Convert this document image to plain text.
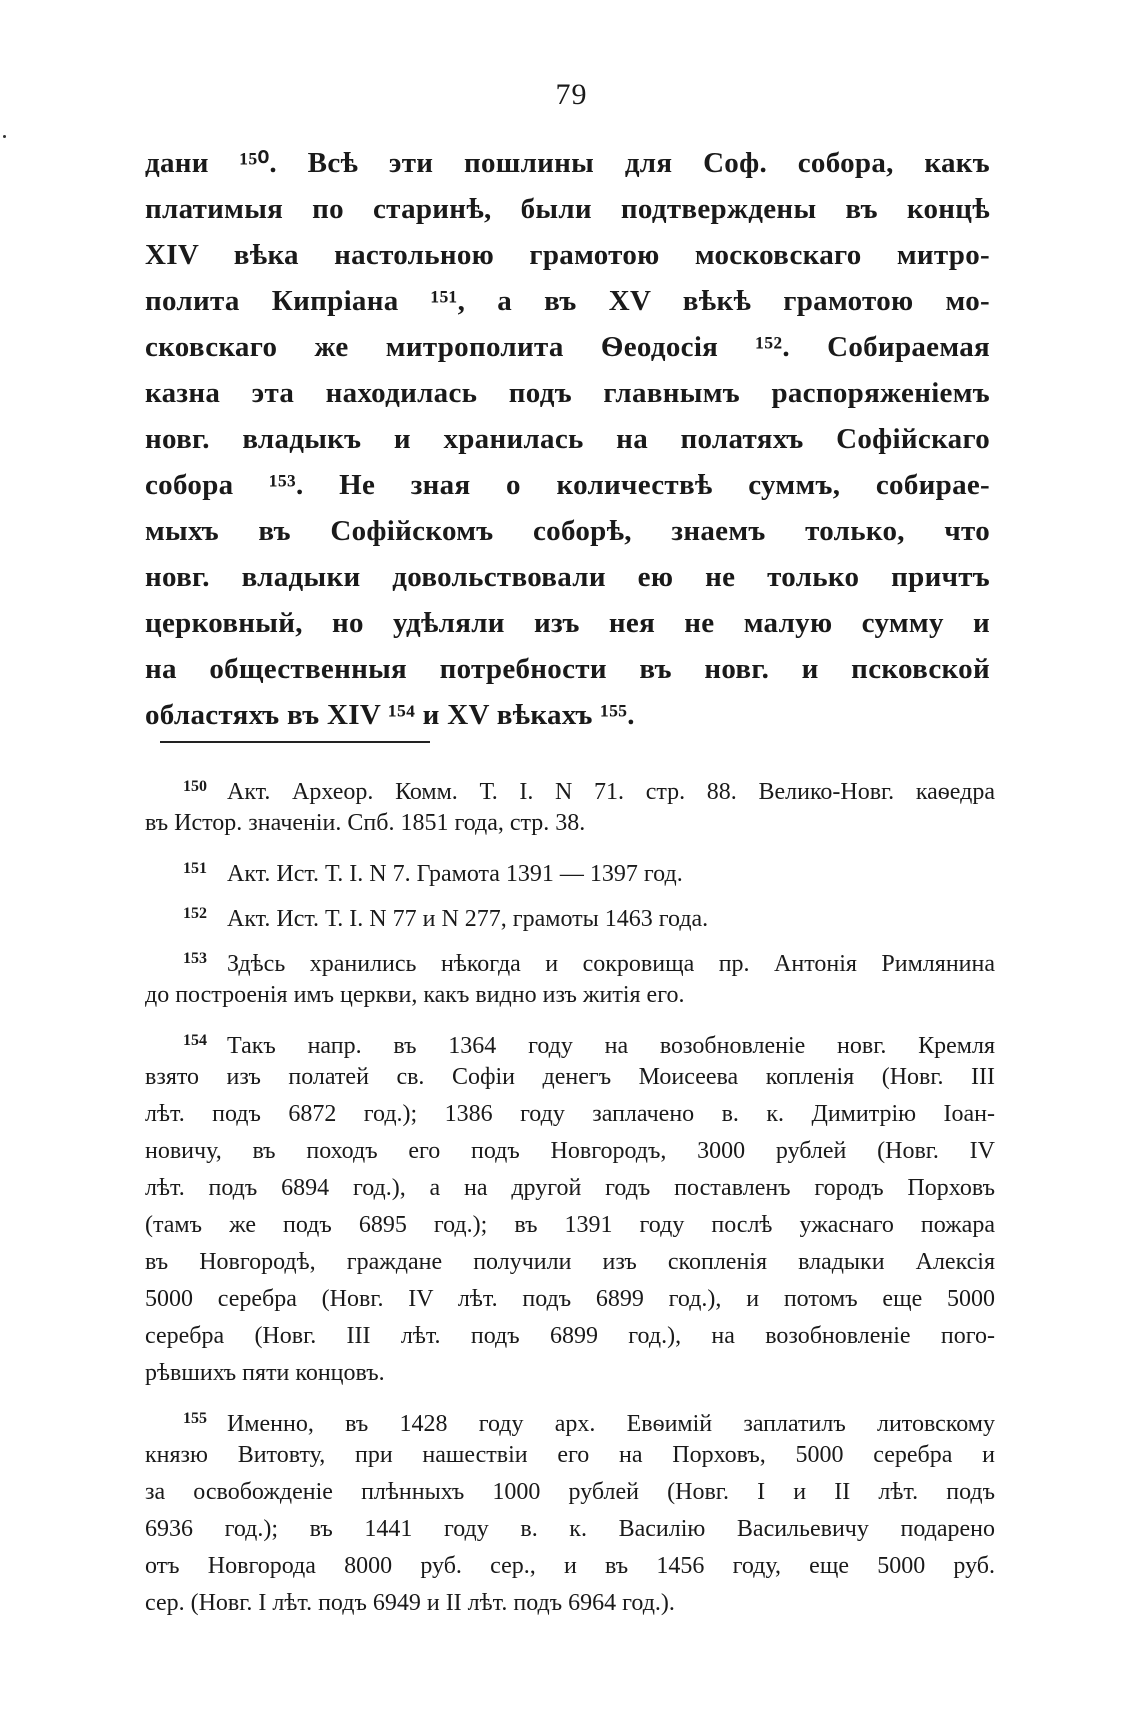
79
дани ¹⁵⁰. Всѣ эти пошлины для Соф. собора, какъ
платимыя по старинѣ, были подтверждены въ концѣ
XIV вѣка настольною грамотою московскаго митро-
полита Кипріана ¹⁵¹, а въ XV вѣкѣ грамотою мо-
сковскаго же митрополита Ѳеодосія ¹⁵². Собираемая
казна эта находилась подъ главнымъ распоряженіемъ
новг. владыкъ и хранилась на полатяхъ Софійскаго
собора ¹⁵³. Не зная о количествѣ суммъ, собирае-
мыхъ въ Софійскомъ соборѣ, знаемъ только, что
новг. владыки довольствовали ею не только причтъ
церковный, но удѣляли изъ нея не малую сумму и
на общественныя потребности въ новг. и псковской
областяхъ въ XIV ¹⁵⁴ и XV вѣкахъ ¹⁵⁵.
150 Акт. Археор. Комм. Т. I. N 71. стр. 88. Велико-Новг. каѳедра
въ Истор. значеніи. Спб. 1851 года, стр. 38.
151 Акт. Ист. Т. I. N 7. Грамота 1391 — 1397 год.
152 Акт. Ист. Т. I. N 77 и N 277, грамоты 1463 года.
153 Здѣсь хранились нѣкогда и сокровища пр. Антонія Римлянина
до построенія имъ церкви, какъ видно изъ житія его.
154 Такъ напр. въ 1364 году на возобновленіе новг. Кремля
взято изъ полатей св. Софіи денегъ Моисеева копленія (Новг. III
лѣт. подъ 6872 год.); 1386 году заплачено в. к. Димитрію Іоан-
новичу, въ походъ его подъ Новгородъ, 3000 рублей (Новг. IV
лѣт. подъ 6894 год.), а на другой годъ поставленъ городъ Порховъ
(тамъ же подъ 6895 год.); въ 1391 году послѣ ужаснаго пожара
въ Новгородѣ, граждане получили изъ скопленія владыки Алексія
5000 серебра (Новг. IV лѣт. подъ 6899 год.), и потомъ еще 5000
серебра (Новг. III лѣт. подъ 6899 год.), на возобновленіе пого-
рѣвшихъ пяти концовъ.
155 Именно, въ 1428 году арх. Евѳимій заплатилъ литовскому
князю Витовту, при нашествіи его на Порховъ, 5000 серебра и
за освобожденіе плѣнныхъ 1000 рублей (Новг. I и II лѣт. подъ
6936 год.); въ 1441 году в. к. Василію Васильевичу подарено
отъ Новгорода 8000 руб. сер., и въ 1456 году, еще 5000 руб.
сер. (Новг. I лѣт. подъ 6949 и II лѣт. подъ 6964 год.).
